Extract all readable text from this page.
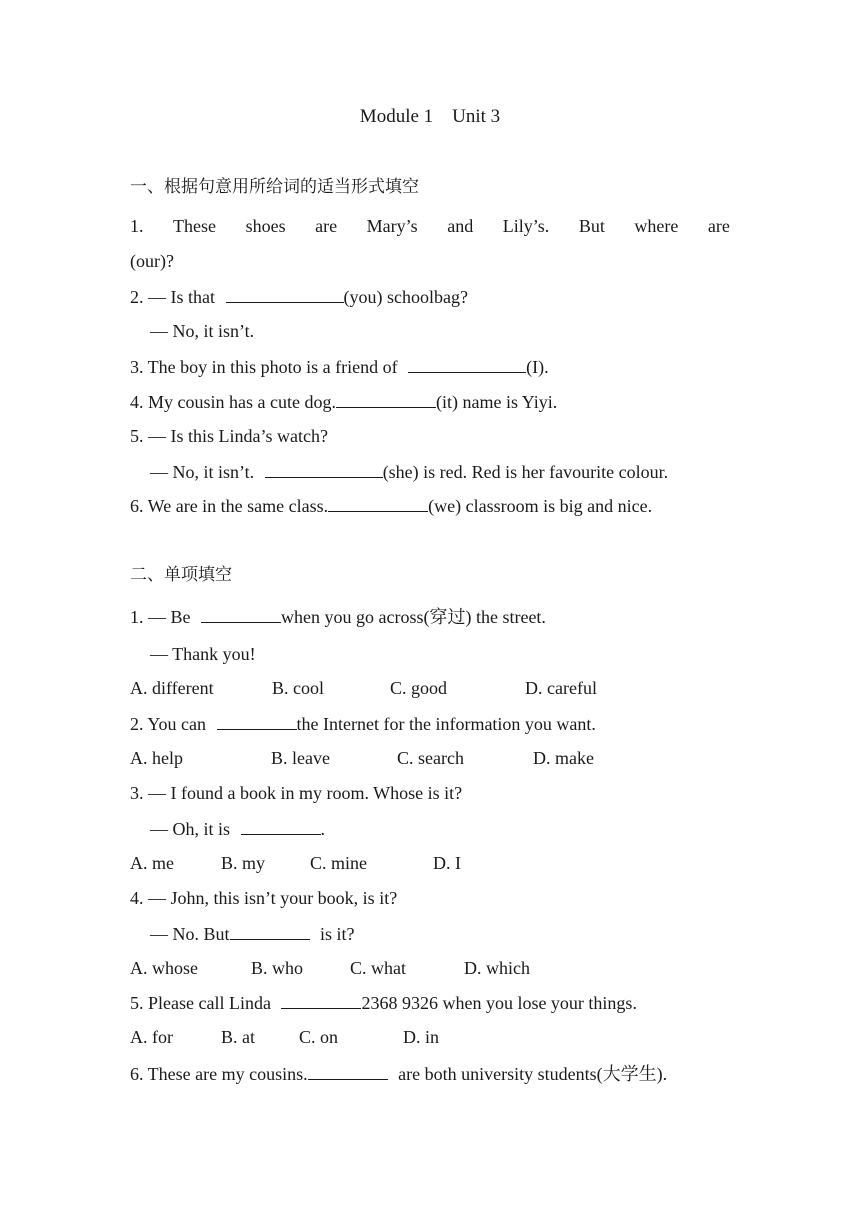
Module 1　Unit 3
一、根据句意用所给词的适当形式填空
1. These shoes are Mary’s and Lily’s. But where are
(our)?
2. — Is that	(you) schoolbag?
— No, it isn’t.
3. The boy in this photo is a friend of	(I).
4. My cousin has a cute dog.	(it) name is Yiyi.
5. — Is this Linda’s watch?
— No, it isn’t.	(she) is red. Red is her favourite colour.
6. We are in the same class.	(we) classroom is big and nice.
二、单项填空
1. — Be	when you go across(穿过) the street.
— Thank you!
A. different	B. cool	C. good	D. careful
2. You can	the Internet for the information you want.
A. help	B. leave	C. search	D. make
3. — I found a book in my room. Whose is it?
— Oh, it is	.
A. me	B. my C. mine	D. I
4. — John, this isn’t your book, is it?
— No. But	is it?
A. whose	B. who	C. what	D. which
5. Please call Linda	2368 9326 when you lose your things.
A. for	B. at C. on	D. in
6. These are my cousins.	are both university students(大学生).
